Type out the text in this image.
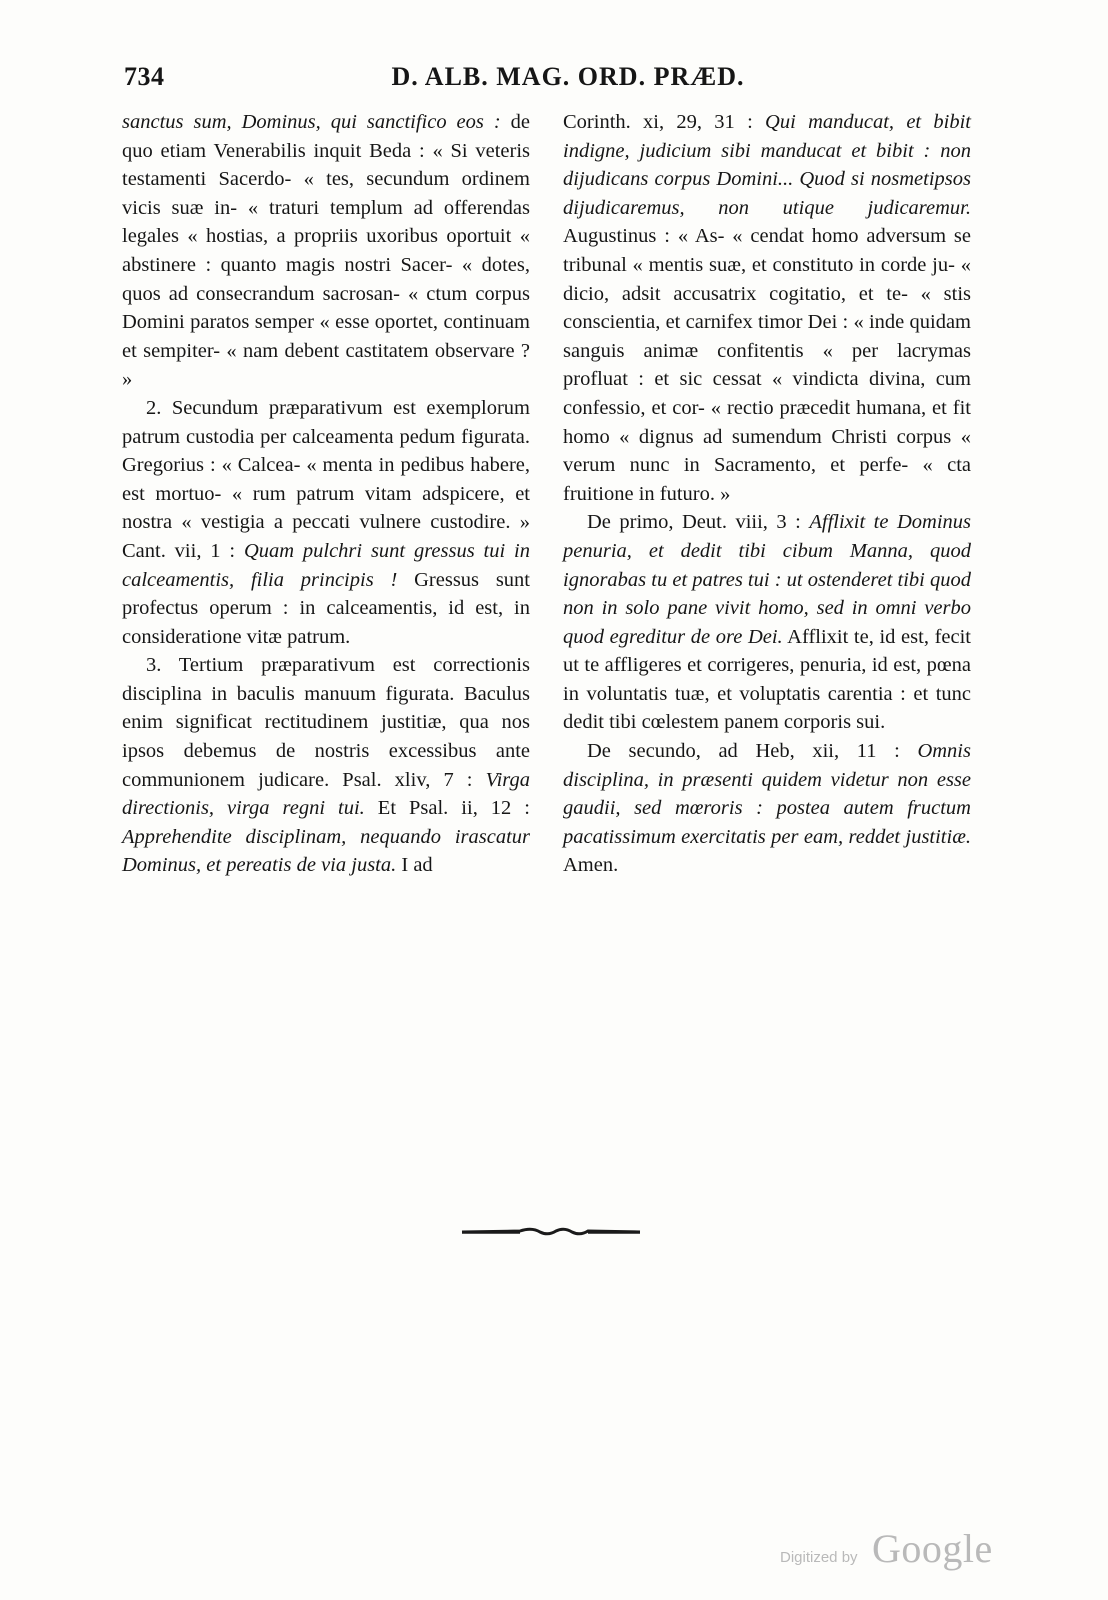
734	D. ALB. MAG. ORD. PRÆD.

sanctus sum, Dominus, qui sanctifico eos : de quo etiam Venerabilis inquit Beda : « Si veteris testamenti Sacerdo- « tes, secundum ordinem vicis suæ in- « traturi templum ad offerendas legales « hostias, a propriis uxoribus oportuit « abstinere : quanto magis nostri Sacer- « dotes, quos ad consecrandum sacrosan- « ctum corpus Domini paratos semper « esse oportet, continuam et sempiter- « nam debent castitatem observare ? »

2. Secundum præparativum est exemplorum patrum custodia per calceamenta pedum figurata. Gregorius : « Calcea- « menta in pedibus habere, est mortuo- « rum patrum vitam adspicere, et nostra « vestigia a peccati vulnere custodire. » Cant. vii, 1 : Quam pulchri sunt gressus tui in calceamentis, filia principis ! Gressus sunt profectus operum : in calceamentis, id est, in consideratione vitæ patrum.

3. Tertium præparativum est correctionis disciplina in baculis manuum figurata. Baculus enim significat rectitudinem justitiæ, qua nos ipsos debemus de nostris excessibus ante communionem judicare. Psal. xliv, 7 : Virga directionis, virga regni tui. Et Psal. ii, 12 : Apprehendite disciplinam, nequando irascatur Dominus, et pereatis de via justa. I ad

Corinth. xi, 29, 31 : Qui manducat, et bibit indigne, judicium sibi manducat et bibit : non dijudicans corpus Domini... Quod si nosmetipsos dijudicaremus, non utique judicaremur. Augustinus : « As- « cendat homo adversum se tribunal « mentis suæ, et constituto in corde ju- « dicio, adsit accusatrix cogitatio, et te- « stis conscientia, et carnifex timor Dei : « inde quidam sanguis animæ confitentis « per lacrymas profluat : et sic cessat « vindicta divina, cum confessio, et cor- « rectio præcedit humana, et fit homo « dignus ad sumendum Christi corpus « verum nunc in Sacramento, et perfe- « cta fruitione in futuro. »

De primo, Deut. viii, 3 : Afflixit te Dominus penuria, et dedit tibi cibum Manna, quod ignorabas tu et patres tui : ut ostenderet tibi quod non in solo pane vivit homo, sed in omni verbo quod egreditur de ore Dei. Afflixit te, id est, fecit ut te affligeres et corrigeres, penuria, id est, pœna in voluntatis tuæ, et voluptatis carentia : et tunc dedit tibi cœlestem panem corporis sui.

De secundo, ad Heb, xii, 11 : Omnis disciplina, in præsenti quidem videtur non esse gaudii, sed mœroris : postea autem fructum pacatissimum exercitatis per eam, reddet justitiæ. Amen.

Digitized by Google
